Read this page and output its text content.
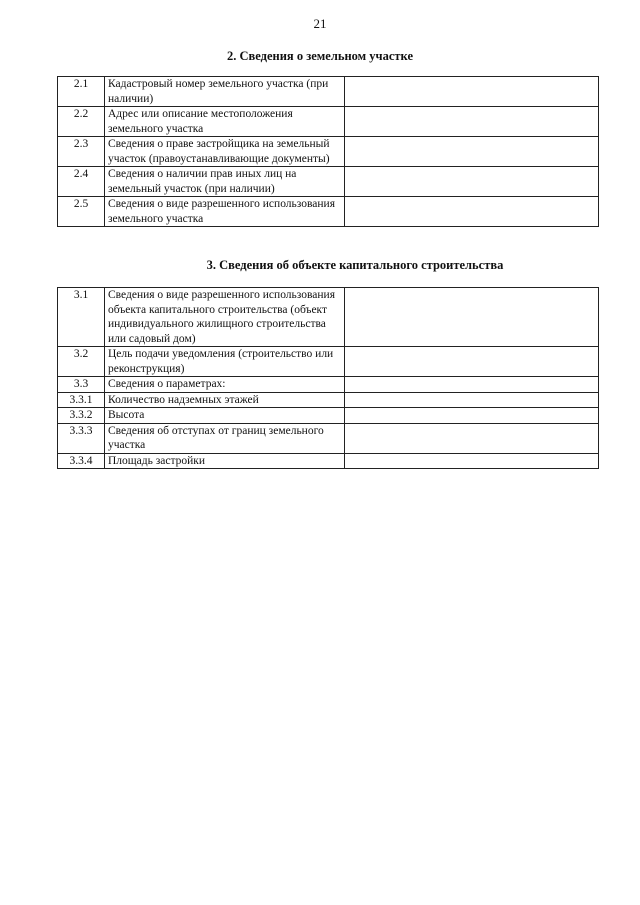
21
2. Сведения о земельном участке
2.1	Кадастровый номер земельного участка (при наличии)	
2.2	Адрес или описание местоположения земельного участка	
2.3	Сведения о праве застройщика на земельный участок (правоустанавливающие документы)	
2.4	Сведения о наличии прав иных лиц на земельный участок (при наличии)	
2.5	Сведения о виде разрешенного использования земельного участка	
3. Сведения об объекте капитального строительства
3.1	Сведения о виде разрешенного использования объекта капитального строительства (объект индивидуального жилищного строительства или садовый дом)	
3.2	Цель подачи уведомления (строительство или реконструкция)	
3.3	Сведения о параметрах:	
3.3.1	Количество надземных этажей	
3.3.2	Высота	
3.3.3	Сведения об отступах от границ земельного участка	
3.3.4	Площадь застройки	
